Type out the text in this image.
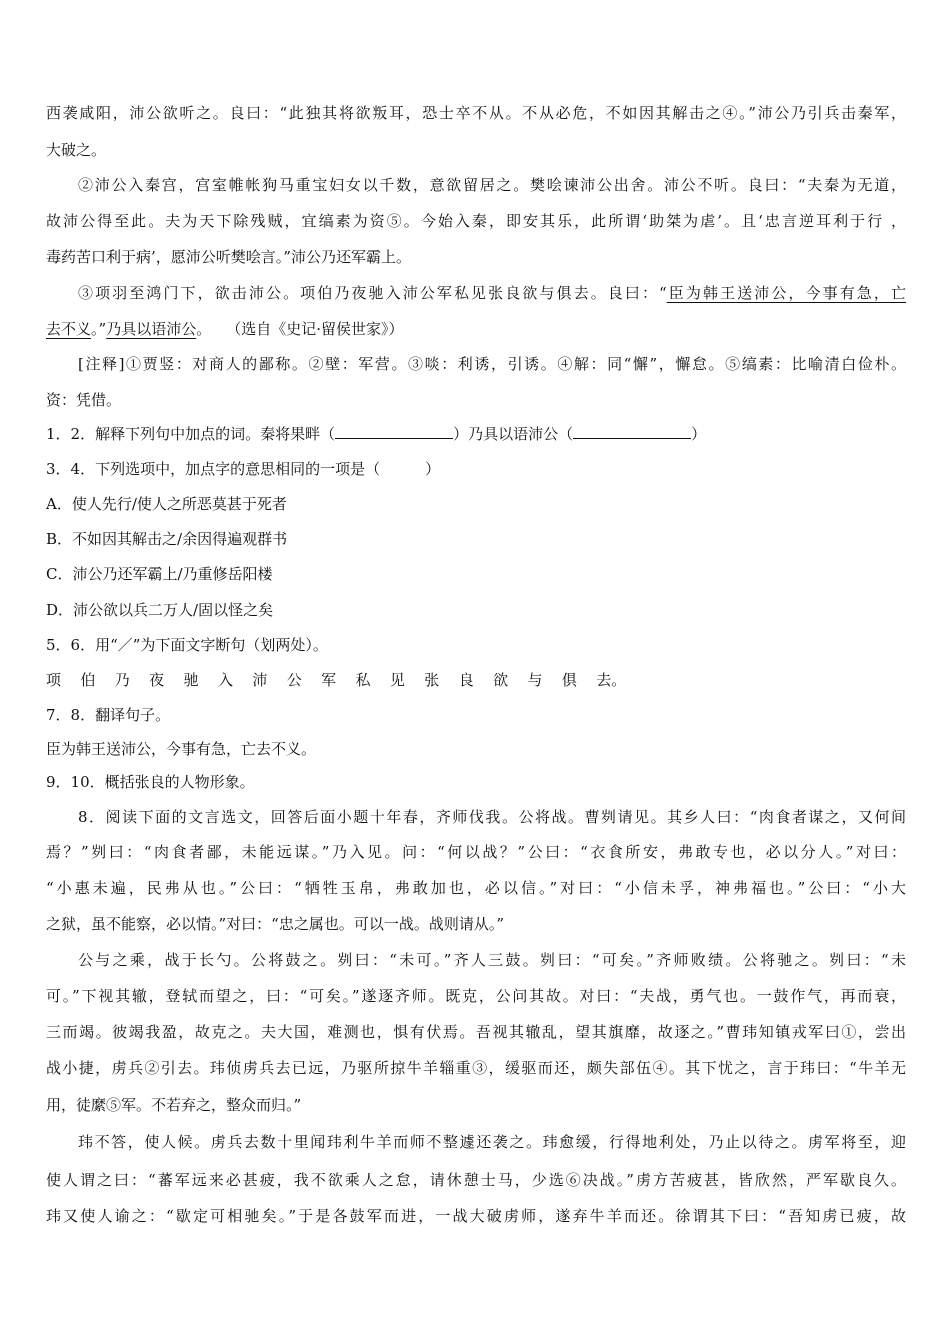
西袭咸阳，沛公欲听之。良曰：“此独其将欲叛耳，恐士卒不从。不从必危，不如因其解击之④。”沛公乃引兵击秦军，
大破之。
②沛公入秦宫，宫室帷帐狗马重宝妇女以千数，意欲留居之。樊哙谏沛公出舍。沛公不听。良曰：“夫秦为无道，
故沛公得至此。夫为天下除残贼，宜缟素为资⑤。今始入秦，即安其乐，此所谓‘助桀为虐’。且‘忠言逆耳利于行 ，
毒药苦口利于病’，愿沛公听樊哙言。”沛公乃还军霸上。
③项羽至鸿门下，欲击沛公。项伯乃夜驰入沛公军私见张良欲与俱去。良曰：“臣为韩王送沛公，今事有急，亡
去不义。”乃具以语沛公。　　（选自《史记·留侯世家》）
[注释]①贾竖：对商人的鄙称。②壁：军营。③啖：利诱，引诱。④解：同“懈”，懈怠。⑤缟素：比喻清白俭朴。
资：凭借。
1．2．解释下列句中加点的词。秦将果畔（	）乃具以语沛公（	）
3．4．下列选项中，加点字的意思相同的一项是（　　　）
A．使人先行/使人之所恶莫甚于死者
B．不如因其解击之/余因得遍观群书
C．沛公乃还军霸上/乃重修岳阳楼
D．沛公欲以兵二万人/固以怪之矣
5．6．用“／”为下面文字断句（划两处）。
项 伯 乃 夜 驰 入 沛 公 军 私 见 张 良 欲 与 俱 去。
7．8．翻译句子。
臣为韩王送沛公，今事有急，亡去不义。
9．10．概括张良的人物形象。
8．阅读下面的文言选文，回答后面小题十年春，齐师伐我。公将战。曹刿请见。其乡人曰：“肉食者谋之，又何间
焉？”刿曰：“肉食者鄙，未能远谋。”乃入见。问：“何以战？”公曰：“衣食所安，弗敢专也，必以分人。”对曰：
“小惠未遍，民弗从也。”公曰：“牺牲玉帛，弗敢加也，必以信。”对曰：“小信未孚，神弗福也。”公曰：“小大
之狱，虽不能察，必以情。”对曰：“忠之属也。可以一战。战则请从。”
公与之乘，战于长勺。公将鼓之。刿曰：“未可。”齐人三鼓。刿曰：“可矣。”齐师败绩。公将驰之。刿曰：“未
可。”下视其辙，登轼而望之，曰：“可矣。”遂逐齐师。既克，公问其故。对曰：“夫战，勇气也。一鼓作气，再而衰，
三而竭。彼竭我盈，故克之。夫大国，难测也，惧有伏焉。吾视其辙乱，望其旗靡，故逐之。”曹玮知镇戎军曰①，尝出
战小捷，虏兵②引去。玮侦虏兵去已远，乃驱所掠牛羊辎重③，缓驱而还，颇失部伍④。其下忧之，言于玮曰：“牛羊无
用，徒縻⑤军。不若弃之，整众而归。”
玮不答，使人候。虏兵去数十里闻玮利牛羊而师不整遽还袭之。玮愈缓，行得地利处，乃止以待之。虏军将至，迎
使人谓之曰：“蕃军远来必甚疲，我不欲乘人之怠，请休憩士马，少选⑥决战。”虏方苦疲甚，皆欣然，严军歇良久。
玮又使人谕之：“歇定可相驰矣。”于是各鼓军而进，一战大破虏师，遂弃牛羊而还。徐谓其下曰：“吾知虏已疲，故
